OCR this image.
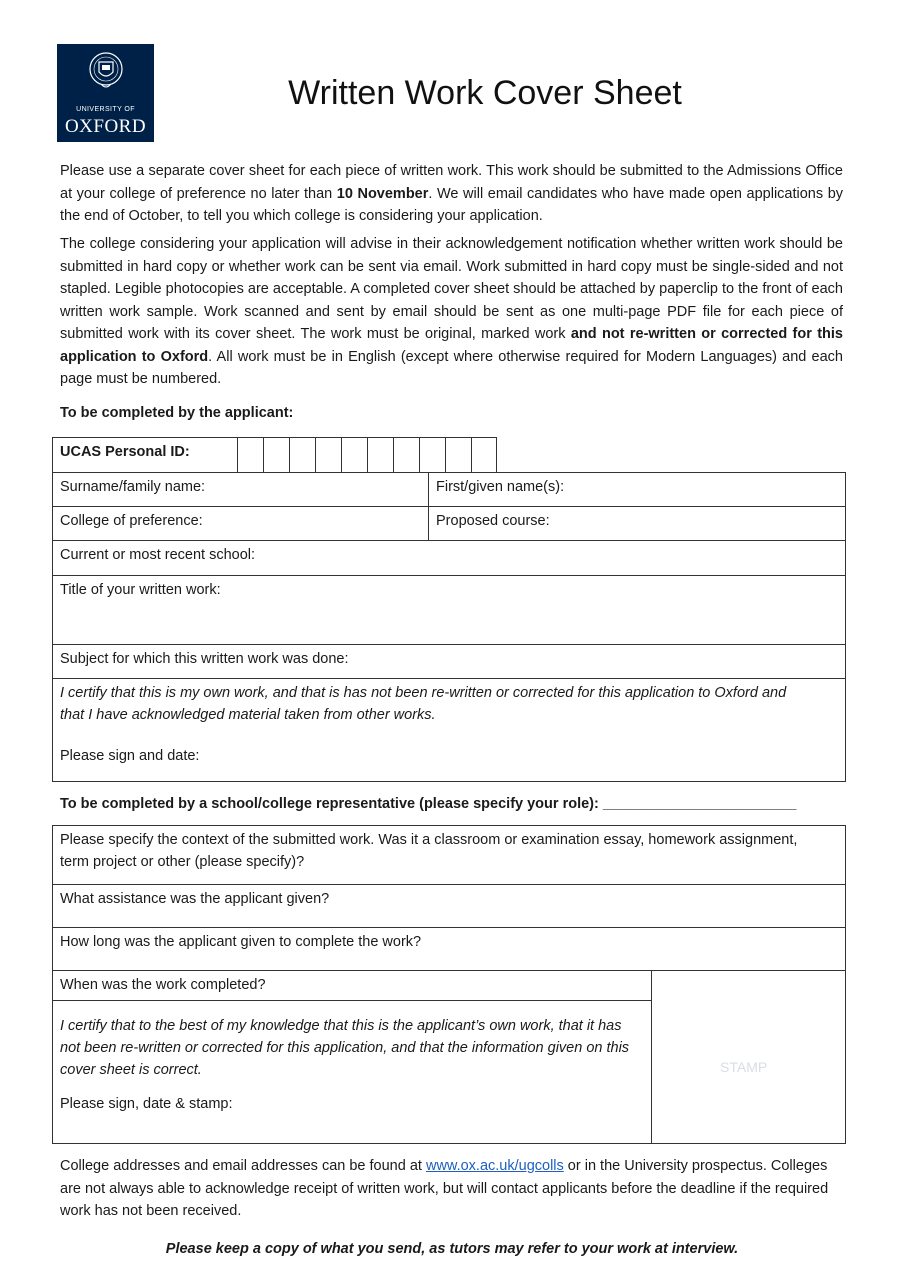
UNIVERSITY OF
OXFORD
Written Work Cover Sheet

Please use a separate cover sheet for each piece of written work. This work should be submitted to the Admissions Office at your college of preference no later than 10 November. We will email candidates who have made open applications by the end of October, to tell you which college is considering your application.

The college considering your application will advise in their acknowledgement notification whether written work should be submitted in hard copy or whether work can be sent via email. Work submitted in hard copy must be single-sided and not stapled. Legible photocopies are acceptable. A completed cover sheet should be attached by paperclip to the front of each written work sample. Work scanned and sent by email should be sent as one multi-page PDF file for each piece of submitted work with its cover sheet. The work must be original, marked work and not re-written or corrected for this application to Oxford. All work must be in English (except where otherwise required for Modern Languages) and each page must be numbered.

To be completed by the applicant:

UCAS Personal ID:
Surname/family name:	First/given name(s):
College of preference:	Proposed course:
Current or most recent school:
Title of your written work:
Subject for which this written work was done:
I certify that this is my own work, and that is has not been re-written or corrected for this application to Oxford and that I have acknowledged material taken from other works.
Please sign and date:

To be completed by a school/college representative (please specify your role): ________________________

Please specify the context of the submitted work. Was it a classroom or examination essay, homework assignment, term project or other (please specify)?
What assistance was the applicant given?
How long was the applicant given to complete the work?
When was the work completed?
I certify that to the best of my knowledge that this is the applicant’s own work, that it has not been re-written or corrected for this application, and that the information given on this cover sheet is correct.
Please sign, date & stamp:
STAMP

College addresses and email addresses can be found at www.ox.ac.uk/ugcolls or in the University prospectus. Colleges are not always able to acknowledge receipt of written work, but will contact applicants before the deadline if the required work has not been received.

Please keep a copy of what you send, as tutors may refer to your work at interview.
